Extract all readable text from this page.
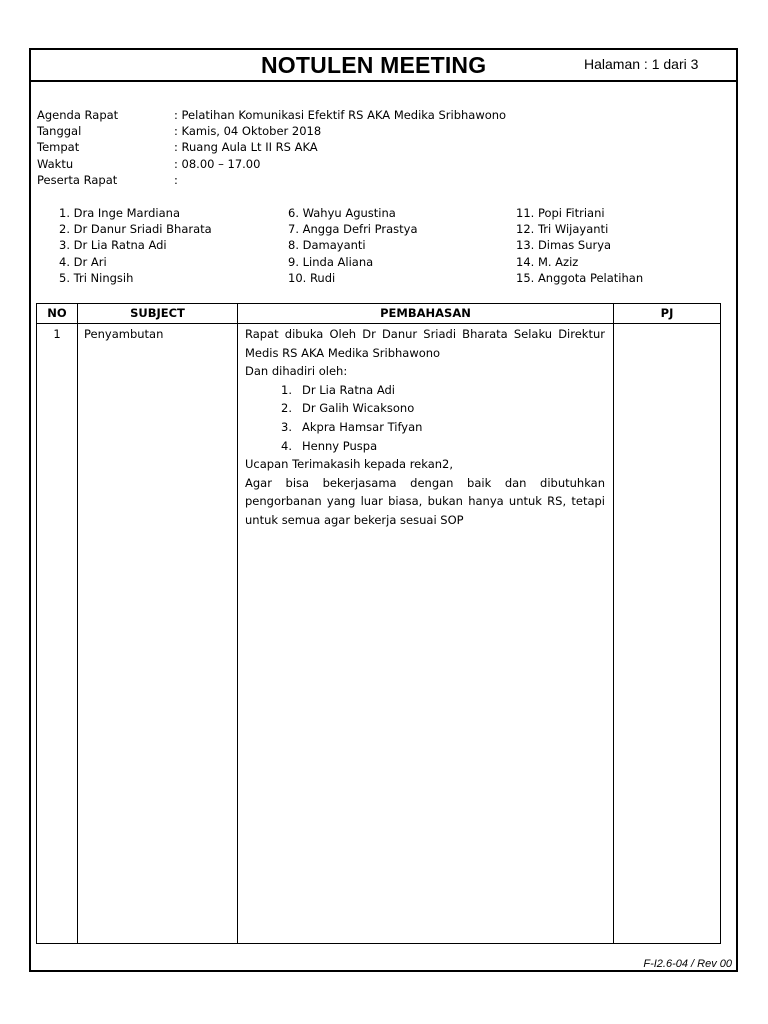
NOTULEN MEETING	Halaman : 1 dari 3
Agenda Rapat	: Pelatihan Komunikasi Efektif RS AKA Medika Sribhawono
Tanggal	: Kamis, 04 Oktober 2018
Tempat	: Ruang Aula Lt II RS AKA
Waktu	: 08.00 – 17.00
Peserta Rapat	:
1. Dra Inge Mardiana
2. Dr Danur Sriadi Bharata
3. Dr Lia Ratna Adi
4. Dr Ari
5. Tri Ningsih
6. Wahyu Agustina
7. Angga Defri Prastya
8. Damayanti
9. Linda Aliana
10. Rudi
11. Popi Fitriani
12. Tri Wijayanti
13. Dimas Surya
14. M. Aziz
15. Anggota Pelatihan
NO	SUBJECT	PEMBAHASAN	PJ
1	Penyambutan	Rapat dibuka Oleh Dr Danur Sriadi Bharata Selaku Direktur
Medis RS AKA Medika Sribhawono
Dan dihadiri oleh:
1. Dr Lia Ratna Adi
2. Dr Galih Wicaksono
3. Akpra Hamsar Tifyan
4. Henny Puspa
Ucapan Terimakasih kepada rekan2,
Agar bisa bekerjasama dengan baik dan dibutuhkan
pengorbanan yang luar biasa, bukan hanya untuk RS, tetapi
untuk semua agar bekerja sesuai SOP
F-I2.6-04 / Rev 00
